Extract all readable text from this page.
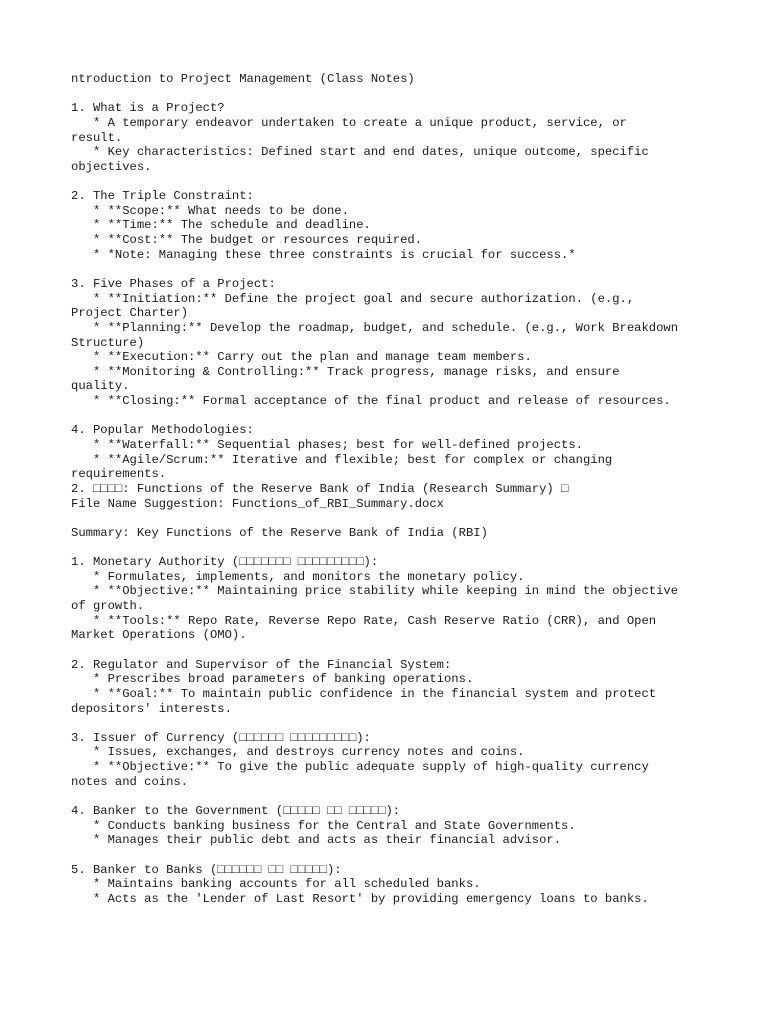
ntroduction to Project Management (Class Notes)
1. What is a Project?
* A temporary endeavor undertaken to create a unique product, service, or
result.
* Key characteristics: Defined start and end dates, unique outcome, specific
objectives.
2. The Triple Constraint:
* **Scope:** What needs to be done.
* **Time:** The schedule and deadline.
* **Cost:** The budget or resources required.
* *Note: Managing these three constraints is crucial for success.*
3. Five Phases of a Project:
* **Initiation:** Define the project goal and secure authorization. (e.g.,
Project Charter)
* **Planning:** Develop the roadmap, budget, and schedule. (e.g., Work Breakdown
Structure)
* **Execution:** Carry out the plan and manage team members.
* **Monitoring & Controlling:** Track progress, manage risks, and ensure
quality.
* **Closing:** Formal acceptance of the final product and release of resources.
4. Popular Methodologies:
* **Waterfall:** Sequential phases; best for well-defined projects.
* **Agile/Scrum:** Iterative and flexible; best for complex or changing
requirements.
2. □□□□: Functions of the Reserve Bank of India (Research Summary) □
File Name Suggestion: Functions_of_RBI_Summary.docx
Summary: Key Functions of the Reserve Bank of India (RBI)
1. Monetary Authority (□□□□□□□ □□□□□□□□□):
* Formulates, implements, and monitors the monetary policy.
* **Objective:** Maintaining price stability while keeping in mind the objective
of growth.
* **Tools:** Repo Rate, Reverse Repo Rate, Cash Reserve Ratio (CRR), and Open
Market Operations (OMO).
2. Regulator and Supervisor of the Financial System:
* Prescribes broad parameters of banking operations.
* **Goal:** To maintain public confidence in the financial system and protect
depositors' interests.
3. Issuer of Currency (□□□□□□ □□□□□□□□□):
* Issues, exchanges, and destroys currency notes and coins.
* **Objective:** To give the public adequate supply of high-quality currency
notes and coins.
4. Banker to the Government (□□□□□ □□ □□□□□):
* Conducts banking business for the Central and State Governments.
* Manages their public debt and acts as their financial advisor.
5. Banker to Banks (□□□□□□ □□ □□□□□):
* Maintains banking accounts for all scheduled banks.
* Acts as the 'Lender of Last Resort' by providing emergency loans to banks.
